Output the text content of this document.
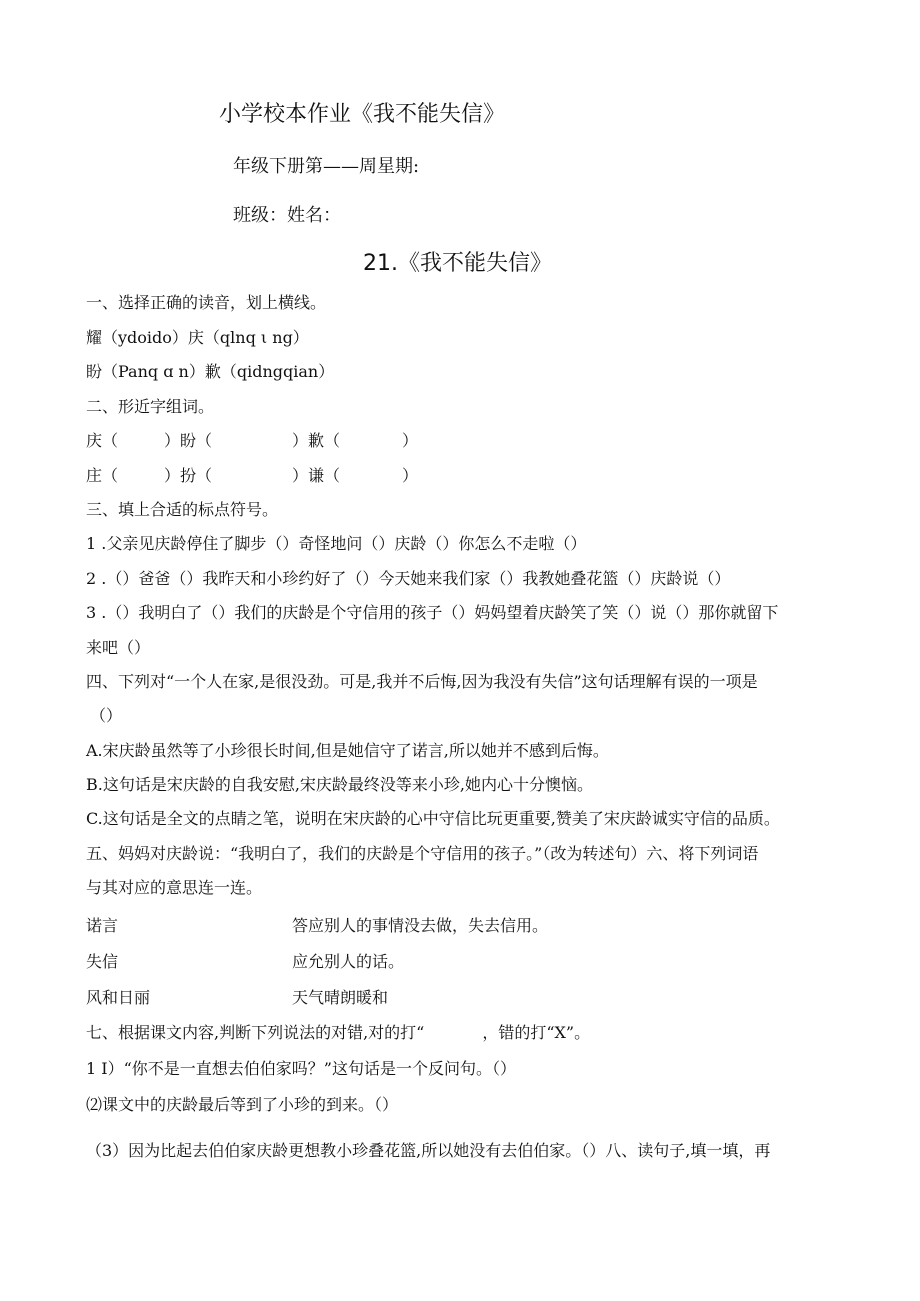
小学校本作业《我不能失信》
年级下册第——周星期:
班级：姓名：
21.《我不能失信》
一、选择正确的读音，划上横线。
耀（ydoido）庆（qlnq ι ng）
盼（Panq ɑ n）歉（qidngqian）
二、形近字组词。
庆（	）盼（	）歉（	）
庄（	）扮（	）谦（	）
三、填上合适的标点符号。
1 .父亲见庆龄停住了脚步（）奇怪地问（）庆龄（）你怎么不走啦（）
2 .（）爸爸（）我昨天和小珍约好了（）今天她来我们家（）我教她叠花篮（）庆龄说（）
3 .（）我明白了（）我们的庆龄是个守信用的孩子（）妈妈望着庆龄笑了笑（）说（）那你就留下
来吧（）
四、下列对“一个人在家,是很没劲。可是,我并不后悔,因为我没有失信”这句话理解有误的一项是
（）
A.宋庆龄虽然等了小珍很长时间,但是她信守了诺言,所以她并不感到后悔。
B.这句话是宋庆龄的自我安慰,宋庆龄最终没等来小珍,她内心十分懊恼。
C.这句话是全文的点睛之笔，说明在宋庆龄的心中守信比玩更重要,赞美了宋庆龄诚实守信的品质。
五、妈妈对庆龄说：“我明白了，我们的庆龄是个守信用的孩子。”（改为转述句）六、将下列词语
与其对应的意思连一连。
诺言	答应别人的事情没去做，失去信用。
失信	应允别人的话。
风和日丽	天气晴朗暖和
七、根据课文内容,判断下列说法的对错,对的打“	，错的打“X”。
1 I）“你不是一直想去伯伯家吗？”这句话是一个反问句。（）
⑵课文中的庆龄最后等到了小珍的到来。（）
（3）因为比起去伯伯家庆龄更想教小珍叠花篮,所以她没有去伯伯家。（）八、读句子,填一填，再
